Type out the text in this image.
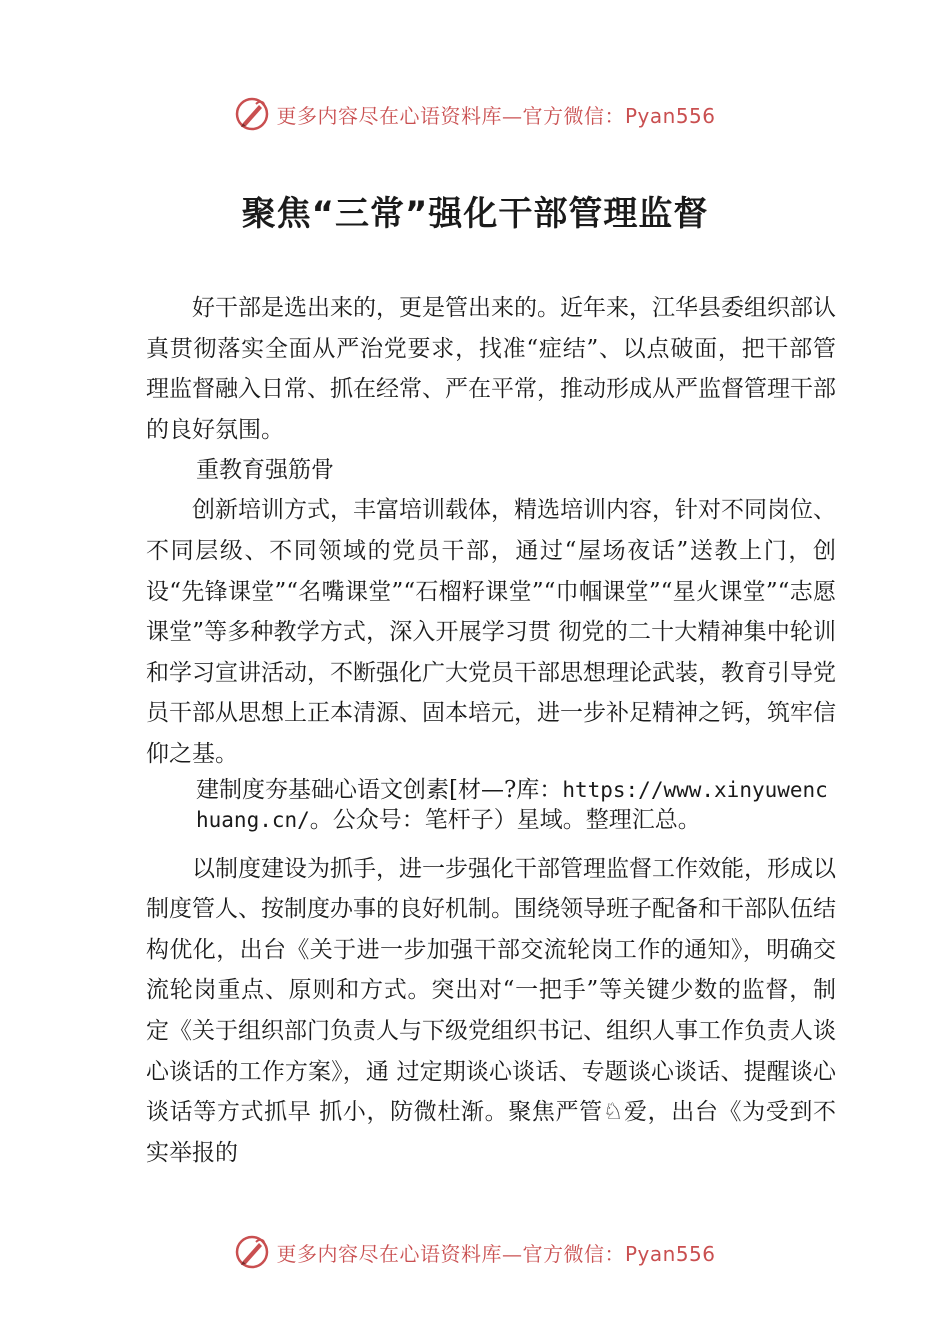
更多内容尽在心语资料库—官方微信：Pyan556
聚焦“三常”强化干部管理监督

好干部是选出来的，更是管出来的。近年来，江华县委组织部认真贯彻落实全面从严治党要求，找准“症结”、以点破面，把干部管理监督融入日常、抓在经常、严在平常，推动形成从严监督管理干部的良好氛围。

重教育强筋骨

创新培训方式，丰富培训载体，精选培训内容，针对不同岗位、不同层级、不同领域的党员干部，通过“屋场夜话”送教上门，创设“先锋课堂”“名嘴课堂”“石榴籽课堂”“巾帼课堂”“星火课堂”“志愿课堂”等多种教学方式，深入开展学习贯 彻党的二十大精神集中轮训和学习宣讲活动，不断强化广大党员干部思想理论武装，教育引导党员干部从思想上正本清源、固本培元，进一步补足精神之钙，筑牢信仰之基。

建制度夯基础心语文创素[材—?库：https://www.xinyuwenchuang.cn/。公众号：笔杆子）星域。整理汇总。

以制度建设为抓手，进一步强化干部管理监督工作效能，形成以制度管人、按制度办事的良好机制。围绕领导班子配备和干部队伍结构优化，出台《关于进一步加强干部交流轮岗工作的通知》，明确交流轮岗重点、原则和方式。突出对“一把手”等关键少数的监督，制定《关于组织部门负责人与下级党组织书记、组织人事工作负责人谈心谈话的工作方案》，通 过定期谈心谈话、专题谈心谈话、提醒谈心谈话等方式抓早 抓小，防微杜渐。聚焦严管♘爱，出台《为受到不实举报的

更多内容尽在心语资料库—官方微信：Pyan556
